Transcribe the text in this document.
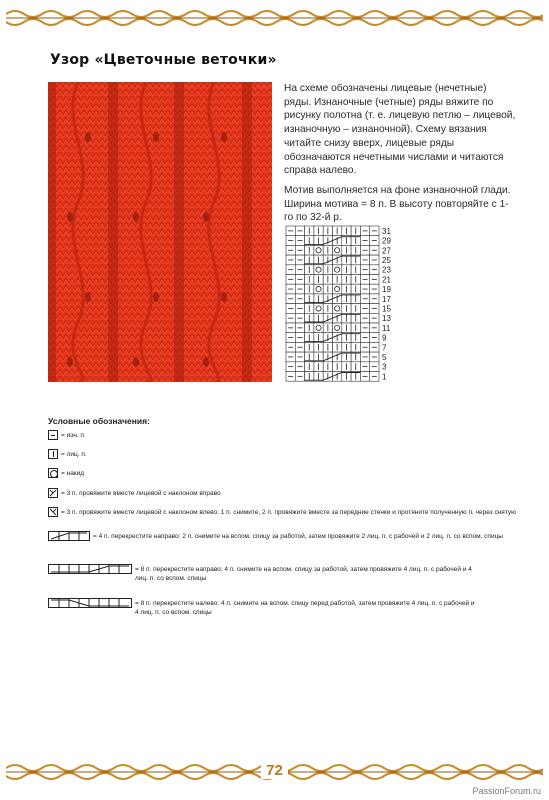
Узор «Цветочные веточки»

На схеме обозначены лицевые (нечетные) ряды. Изнаночные (четные) ряды вяжите по рисунку полотна (т. е. лицевую петлю – лицевой, изнаночную – изнаночной). Схему вязания читайте снизу вверх, лицевые ряды обозначаются нечетными числами и читаются справа налево.

Мотив выполняется на фоне изнаночной глади. Ширина мотива = 8 п. В высоту повторяйте с 1-го по 32-й р.

31
29
27
25
23
21
19
17
15
13
11
9
7
5
3
1
Условные обозначения:
= изн. п.
= лиц. п.
= накид
= 3 п. провяжите вместе лицевой с наклоном вправо
= 3 п. провяжите вместе лицевой с наклоном влево: 1 п. снимите, 2 п. провяжите вместе за передние стенки и протяните полученную п. через снятую
= 4 п. перекрестите направо: 2 п. снимите на вспом. спицу за работой, затем провяжите 2 лиц. п. с рабочей и 2 лиц. п. со вспом. спицы
= 8 п. перекрестите направо: 4 п. снимите на вспом. спицу за работой, затем провяжите 4 лиц. п. с рабочей и 4 лиц. п. со вспом. спицы
= 8 п. перекрестите налево: 4 п. снимите на вспом. спицу перед работой, затем провяжите 4 лиц. п. с рабочей и 4 лиц. п. со вспом. спицы
72
PassionForum.ru
